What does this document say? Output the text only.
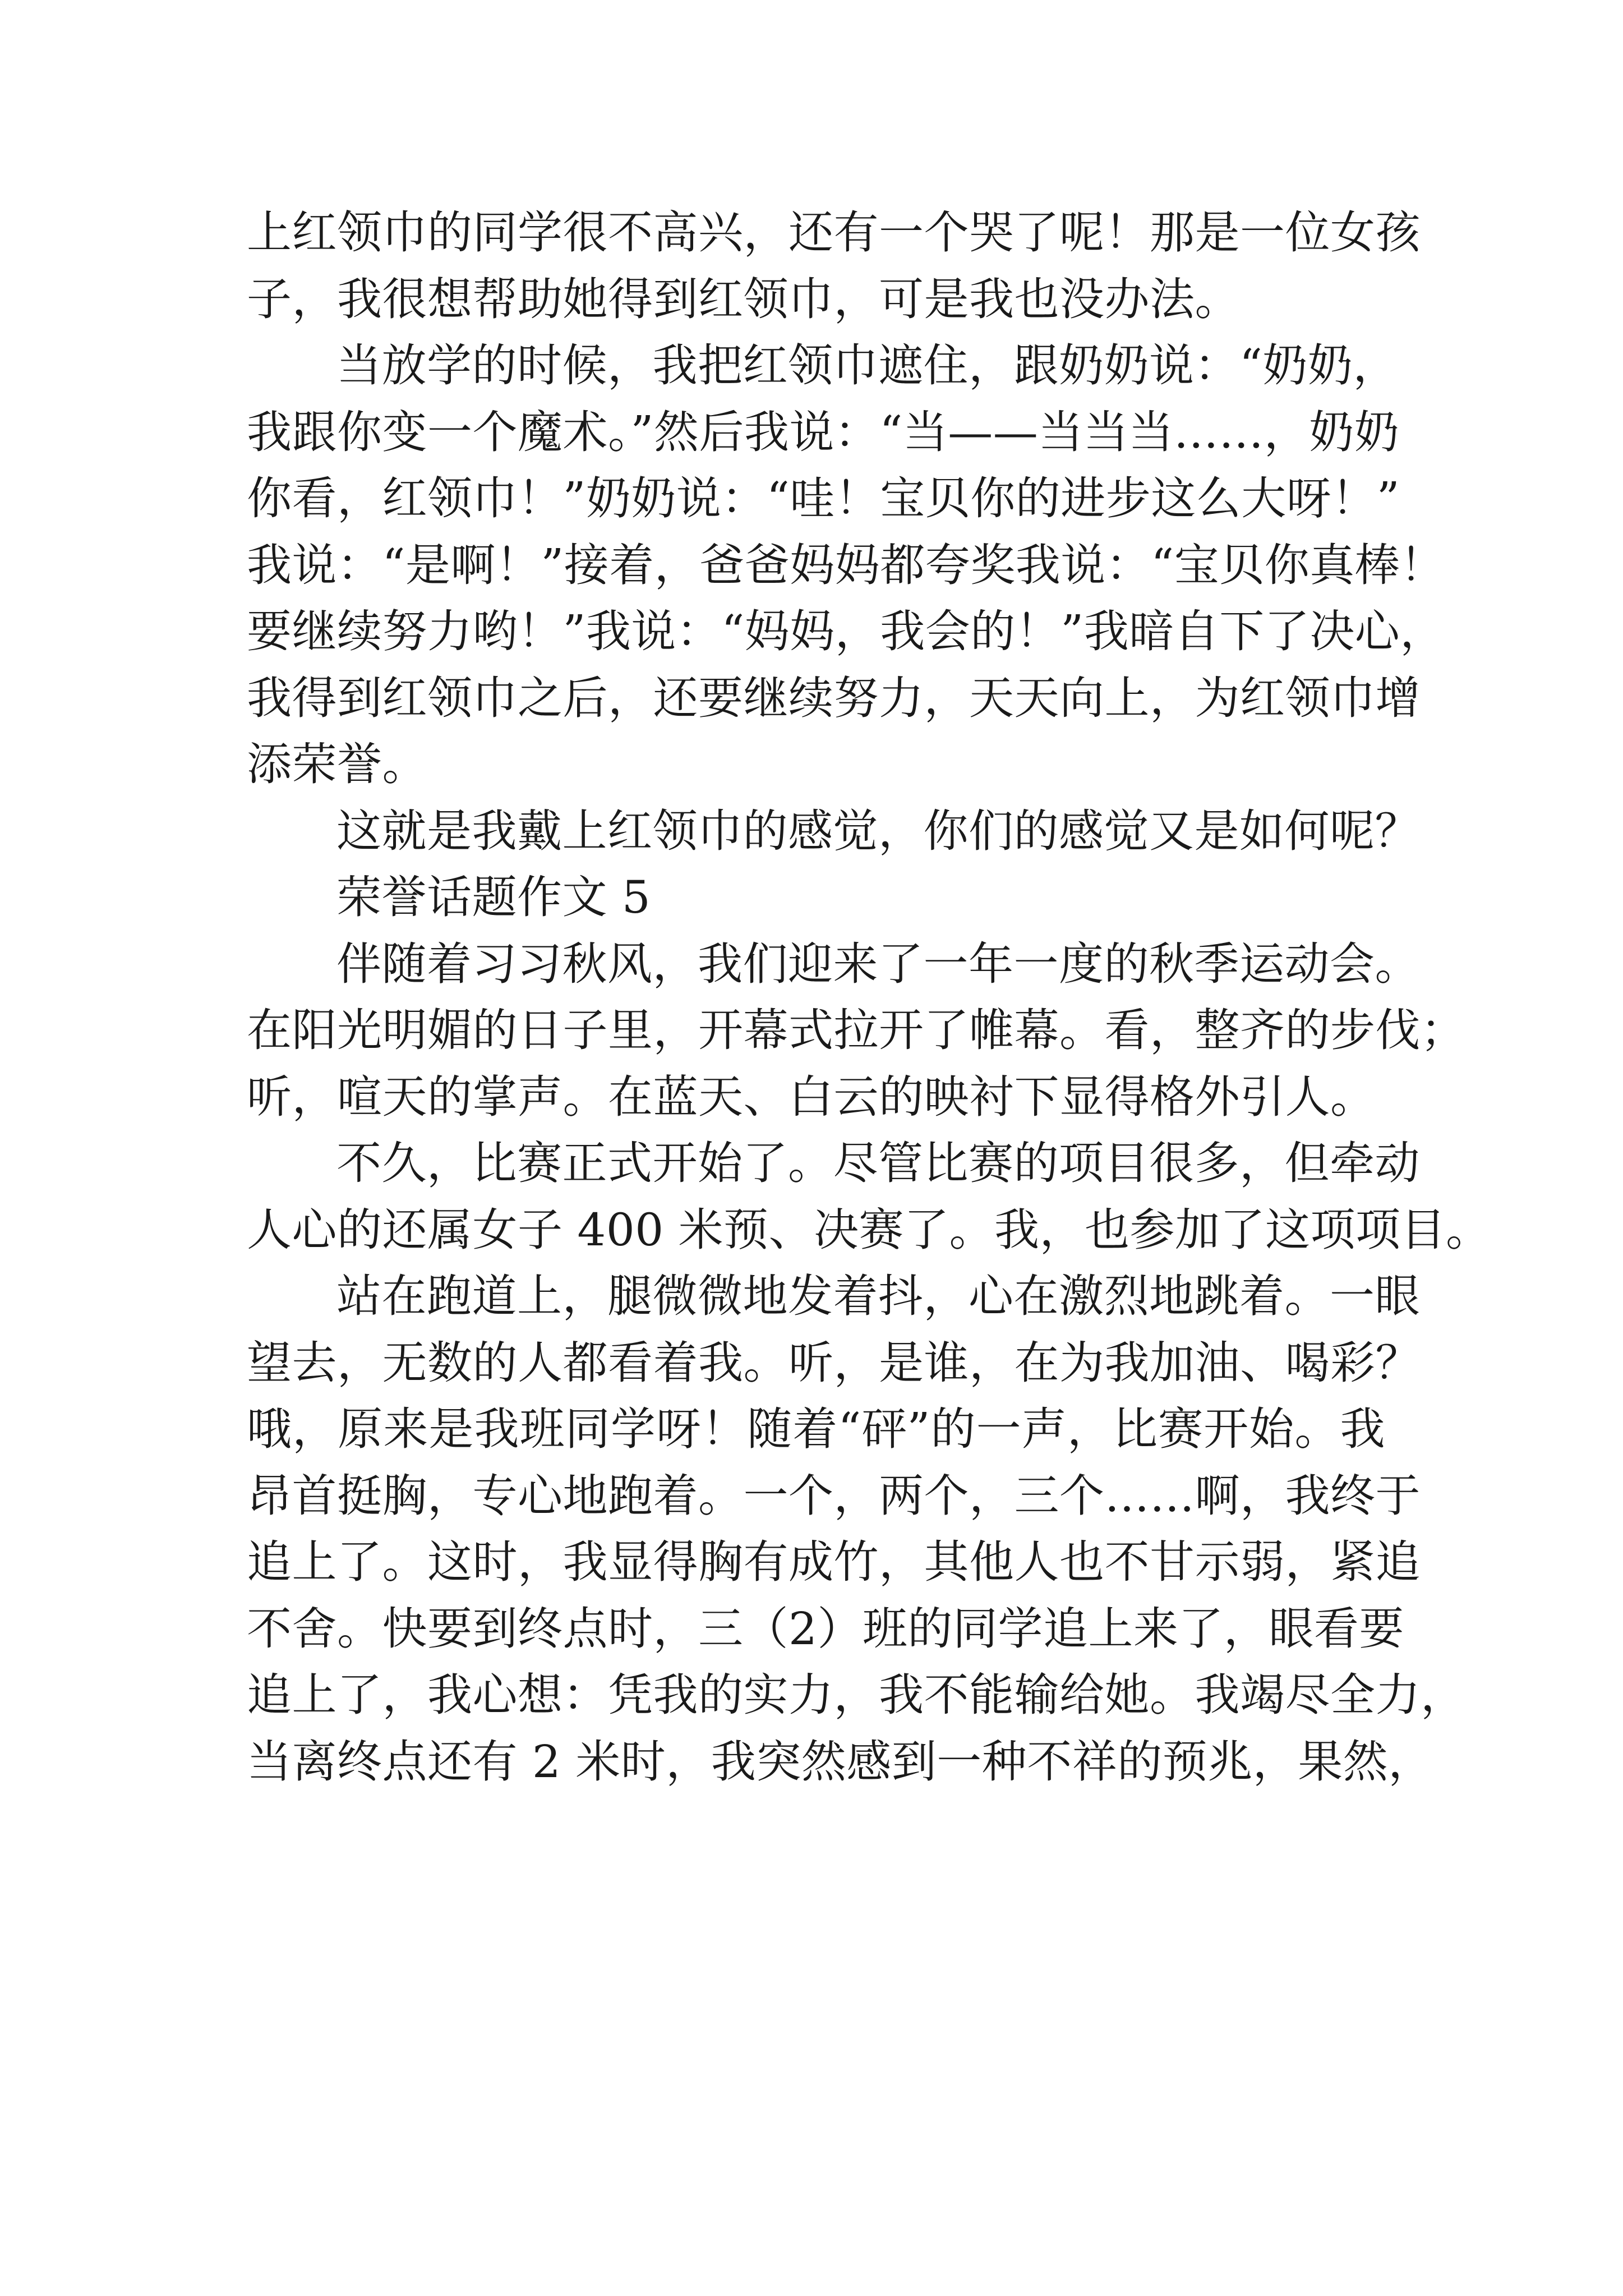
上红领巾的同学很不高兴，还有一个哭了呢！那是一位女孩
子，我很想帮助她得到红领巾，可是我也没办法。
当放学的时候，我把红领巾遮住，跟奶奶说：“奶奶，
我跟你变一个魔术。”然后我说：“当——当当当……，奶奶
你看，红领巾！”奶奶说：“哇！宝贝你的进步这么大呀！”
我说：“是啊！”接着，爸爸妈妈都夸奖我说：“宝贝你真棒！
要继续努力哟！”我说：“妈妈，我会的！”我暗自下了决心，
我得到红领巾之后，还要继续努力，天天向上，为红领巾增
添荣誉。
这就是我戴上红领巾的感觉，你们的感觉又是如何呢？
荣誉话题作文 5
伴随着习习秋风，我们迎来了一年一度的秋季运动会。
在阳光明媚的日子里，开幕式拉开了帷幕。看，整齐的步伐；
听，喧天的掌声。在蓝天、白云的映衬下显得格外引人。
不久，比赛正式开始了。尽管比赛的项目很多，但牵动
人心的还属女子 400 米预、决赛了。我，也参加了这项项目。
站在跑道上，腿微微地发着抖，心在激烈地跳着。一眼
望去，无数的人都看着我。听，是谁，在为我加油、喝彩？
哦，原来是我班同学呀！随着“砰”的一声，比赛开始。我
昂首挺胸，专心地跑着。一个，两个，三个……啊，我终于
追上了。这时，我显得胸有成竹，其他人也不甘示弱，紧追
不舍。快要到终点时，三（2）班的同学追上来了，眼看要
追上了，我心想：凭我的实力，我不能输给她。我竭尽全力，
当离终点还有 2 米时，我突然感到一种不祥的预兆，果然，
